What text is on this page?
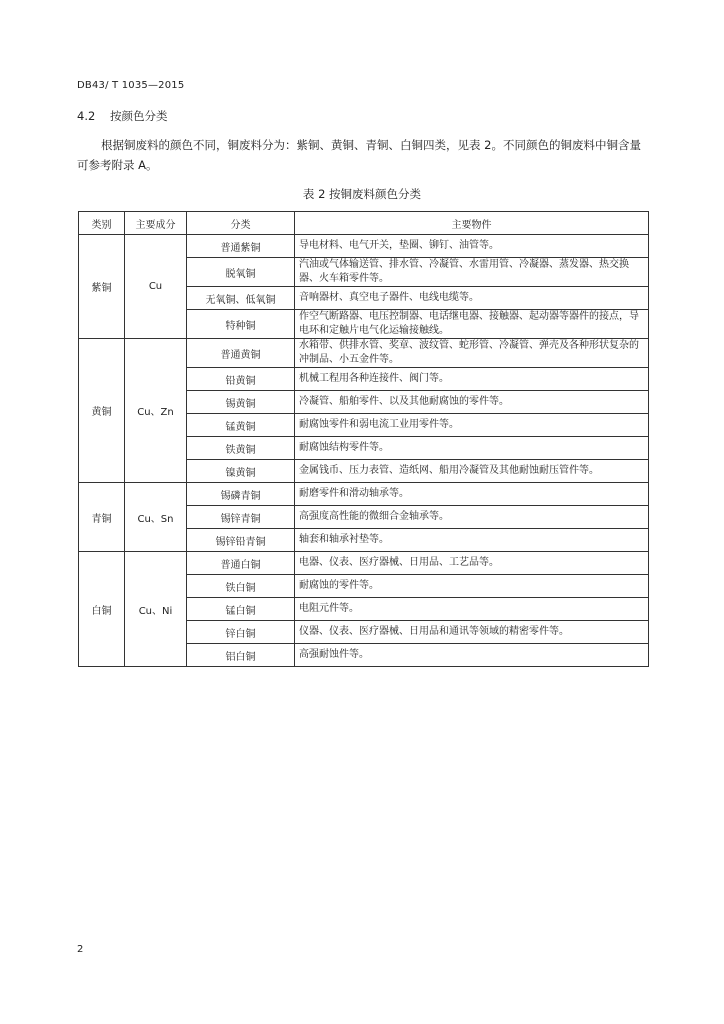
DB43/ T 1035—2015
4.2 按颜色分类
根据铜废料的颜色不同，铜废料分为：紫铜、黄铜、青铜、白铜四类，见表 2。不同颜色的铜废料中铜含量可参考附录 A。
表 2 按铜废料颜色分类
类别	主要成分	分类	主要物件
紫铜	Cu	普通紫铜	导电材料、电气开关，垫圈、铆钉、油管等。
		脱氧铜	汽油或气体输送管、排水管、冷凝管、水雷用管、冷凝器、蒸发器、热交换器、火车箱零件等。
		无氧铜、低氧铜	音响器材、真空电子器件、电线电缆等。
		特种铜	作空气断路器、电压控制器、电话继电器、接触器、起动器等器件的接点，导电环和定触片电气化运输接触线。
黄铜	Cu、Zn	普通黄铜	水箱带、供排水管、奖章、波纹管、蛇形管、冷凝管、弹壳及各种形状复杂的冲制品、小五金件等。
		铅黄铜	机械工程用各种连接件、阀门等。
		锡黄铜	冷凝管、船舶零件、以及其他耐腐蚀的零件等。
		锰黄铜	耐腐蚀零件和弱电流工业用零件等。
		铁黄铜	耐腐蚀结构零件等。
		镍黄铜	金属钱币、压力表管、造纸网、船用冷凝管及其他耐蚀耐压管件等。
青铜	Cu、Sn	锡磷青铜	耐磨零件和滑动轴承等。
		锡锌青铜	高强度高性能的微细合金轴承等。
		锡锌铅青铜	轴套和轴承衬垫等。
白铜	Cu、Ni	普通白铜	电器、仪表、医疗器械、日用品、工艺品等。
		铁白铜	耐腐蚀的零件等。
		锰白铜	电阻元件等。
		锌白铜	仪器、仪表、医疗器械、日用品和通讯等领域的精密零件等。
		铝白铜	高强耐蚀件等。
2
